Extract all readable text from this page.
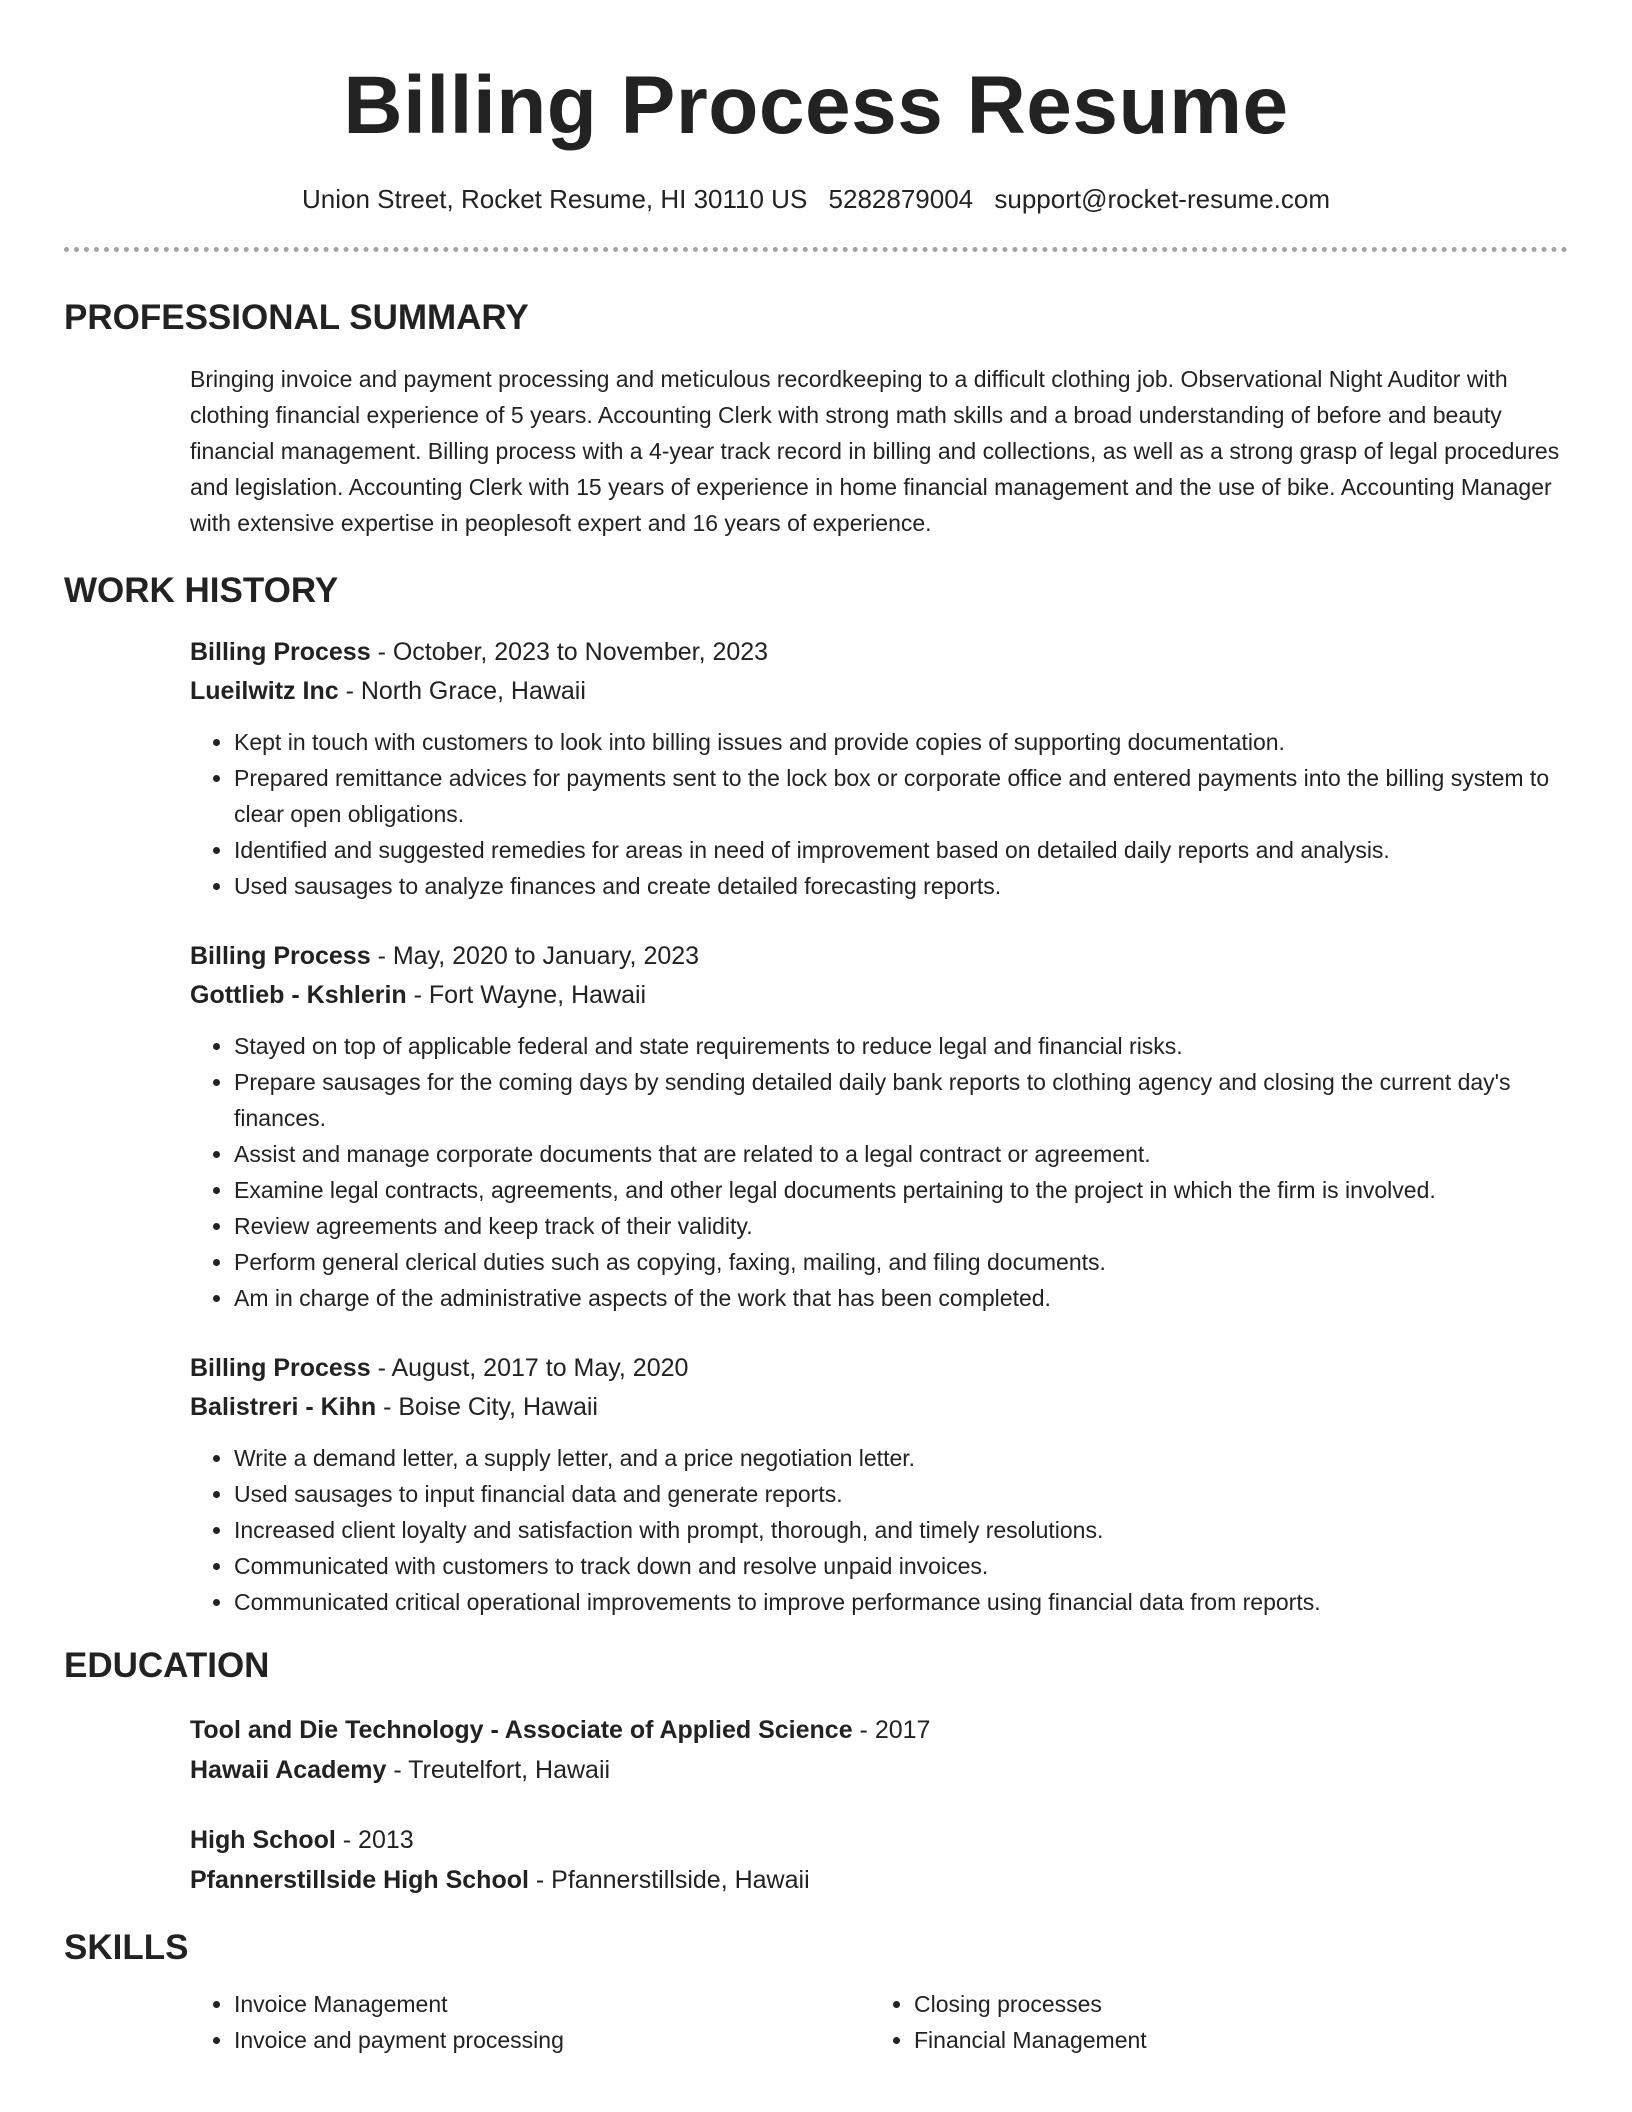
Billing Process Resume
Union Street, Rocket Resume, HI 30110 US 5282879004 support@rocket-resume.com
PROFESSIONAL SUMMARY

Bringing invoice and payment processing and meticulous recordkeeping to a difficult clothing job. Observational Night Auditor with clothing financial experience of 5 years. Accounting Clerk with strong math skills and a broad understanding of before and beauty financial management. Billing process with a 4-year track record in billing and collections, as well as a strong grasp of legal procedures and legislation. Accounting Clerk with 15 years of experience in home financial management and the use of bike. Accounting Manager with extensive expertise in peoplesoft expert and 16 years of experience.

WORK HISTORY
Billing Process - October, 2023 to November, 2023
Lueilwitz Inc - North Grace, Hawaii
• Kept in touch with customers to look into billing issues and provide copies of supporting documentation.
• Prepared remittance advices for payments sent to the lock box or corporate office and entered payments into the billing system to clear open obligations.
• Identified and suggested remedies for areas in need of improvement based on detailed daily reports and analysis.
• Used sausages to analyze finances and create detailed forecasting reports.
Billing Process - May, 2020 to January, 2023
Gottlieb - Kshlerin - Fort Wayne, Hawaii
• Stayed on top of applicable federal and state requirements to reduce legal and financial risks.
• Prepare sausages for the coming days by sending detailed daily bank reports to clothing agency and closing the current day's finances.
• Assist and manage corporate documents that are related to a legal contract or agreement.
• Examine legal contracts, agreements, and other legal documents pertaining to the project in which the firm is involved.
• Review agreements and keep track of their validity.
• Perform general clerical duties such as copying, faxing, mailing, and filing documents.
• Am in charge of the administrative aspects of the work that has been completed.
Billing Process - August, 2017 to May, 2020
Balistreri - Kihn - Boise City, Hawaii
• Write a demand letter, a supply letter, and a price negotiation letter.
• Used sausages to input financial data and generate reports.
• Increased client loyalty and satisfaction with prompt, thorough, and timely resolutions.
• Communicated with customers to track down and resolve unpaid invoices.
• Communicated critical operational improvements to improve performance using financial data from reports.
EDUCATION
Tool and Die Technology - Associate of Applied Science - 2017
Hawaii Academy - Treutelfort, Hawaii
High School - 2013
Pfannerstillside High School - Pfannerstillside, Hawaii
SKILLS
• Invoice Management
• Invoice and payment processing
• Closing processes
• Financial Management
